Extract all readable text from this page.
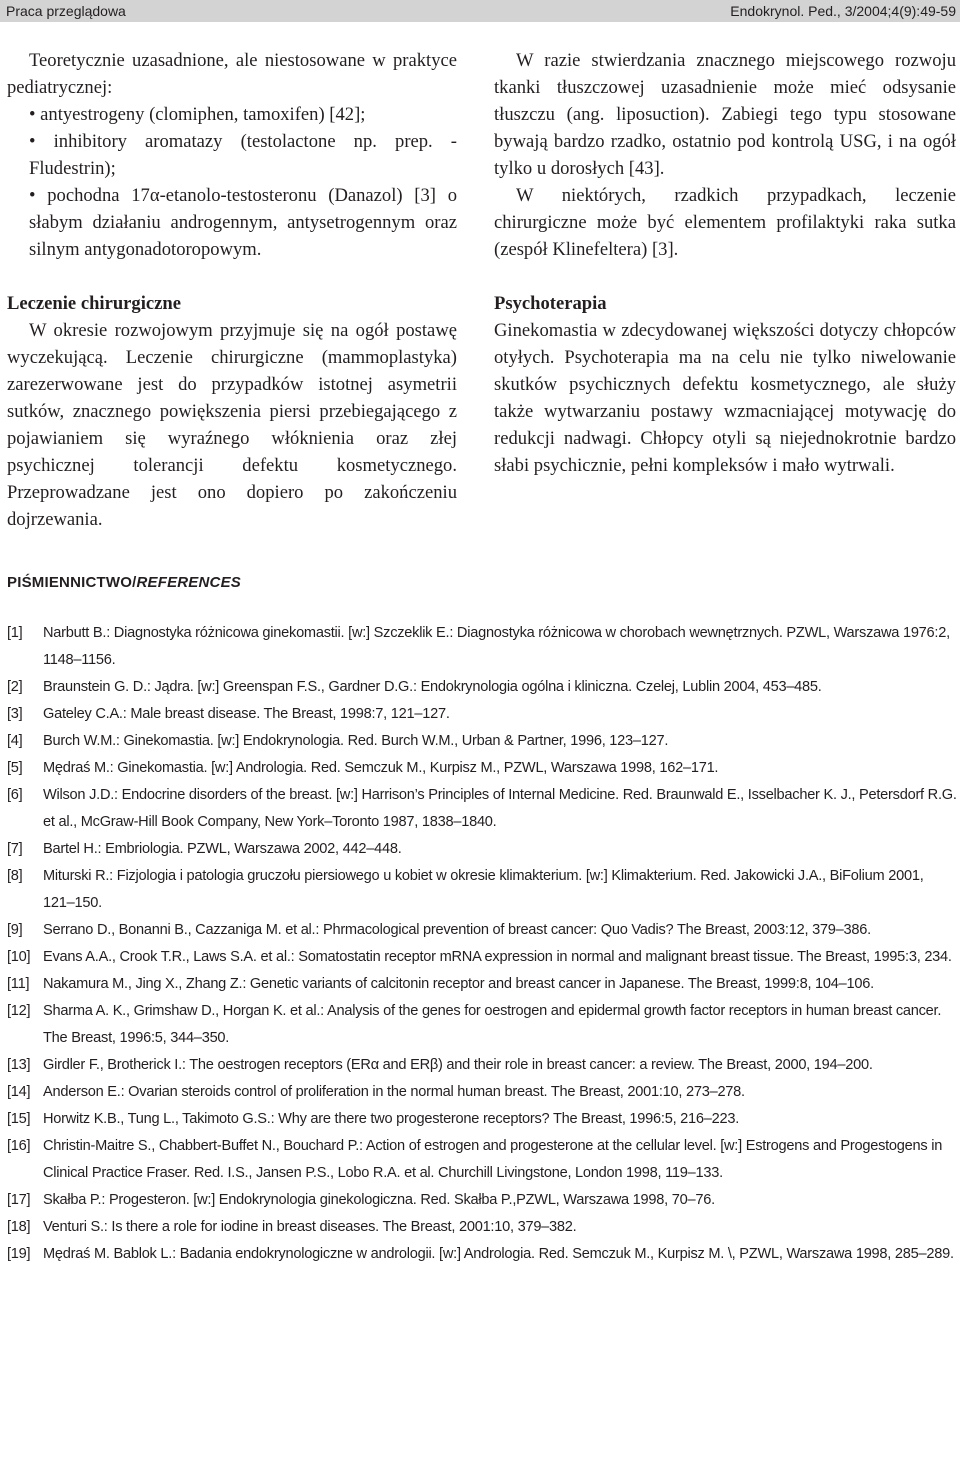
Praca przeglądowa	Endokrynol. Ped., 3/2004;4(9):49-59

Teoretycznie uzasadnione, ale niestosowane w praktyce pediatrycznej:

• antyestrogeny (clomiphen, tamoxifen) [42];

• inhibitory aromatazy (testolactone np. prep. -Fludestrin);

• pochodna 17α-etanolo-testosteronu (Danazol) [3] o słabym działaniu androgennym, antysetrogennym oraz silnym antygonadotoropowym.

Leczenie chirurgiczne

W okresie rozwojowym przyjmuje się na ogół postawę wyczekującą. Leczenie chirurgiczne (mammoplastyka) zarezerwowane jest do przypadków istotnej asymetrii sutków, znacznego powiększenia piersi przebiegającego z pojawianiem się wyraźnego włóknienia oraz złej psychicznej tolerancji defektu kosmetycznego. Przeprowadzane jest ono dopiero po zakończeniu dojrzewania.

W razie stwierdzania znacznego miejscowego rozwoju tkanki tłuszczowej uzasadnienie może mieć odsysanie tłuszczu (ang. liposuction). Zabiegi tego typu stosowane bywają bardzo rzadko, ostatnio pod kontrolą USG, i na ogół tylko u dorosłych [43].

W niektórych, rzadkich przypadkach, leczenie chirurgiczne może być elementem profilaktyki raka sutka (zespół Klinefeltera) [3].

Psychoterapia

Ginekomastia w zdecydowanej większości dotyczy chłopców otyłych. Psychoterapia ma na celu nie tylko niwelowanie skutków psychicznych defektu kosmetycznego, ale służy także wytwarzaniu postawy wzmacniającej motywację do redukcji nadwagi. Chłopcy otyli są niejednokrotnie bardzo słabi psychicznie, pełni kompleksów i mało wytrwali.

PIŚMIENNICTWO/REFERENCES
[1] Narbutt B.: Diagnostyka różnicowa ginekomastii. [w:] Szczeklik E.: Diagnostyka różnicowa w chorobach wewnętrznych. PZWL, Warszawa 1976:2, 1148–1156.
[2] Braunstein G. D.: Jądra. [w:] Greenspan F.S., Gardner D.G.: Endokrynologia ogólna i kliniczna. Czelej, Lublin 2004, 453–485.
[3] Gateley C.A.: Male breast disease. The Breast, 1998:7, 121–127.
[4] Burch W.M.: Ginekomastia. [w:] Endokrynologia. Red. Burch W.M., Urban & Partner, 1996, 123–127.
[5] Mędraś M.: Ginekomastia. [w:] Andrologia. Red. Semczuk M., Kurpisz M., PZWL, Warszawa 1998, 162–171.
[6] Wilson J.D.: Endocrine disorders of the breast. [w:] Harrison’s Principles of Internal Medicine. Red. Braunwald E., Isselbacher K. J., Petersdorf R.G. et al., McGraw-Hill Book Company, New York–Toronto 1987, 1838–1840.
[7] Bartel H.: Embriologia. PZWL, Warszawa 2002, 442–448.
[8] Miturski R.: Fizjologia i patologia gruczołu piersiowego u kobiet w okresie klimakterium. [w:] Klimakterium. Red. Jakowicki J.A., BiFolium 2001, 121–150.
[9] Serrano D., Bonanni B., Cazzaniga M. et al.: Phrmacological prevention of breast cancer: Quo Vadis? The Breast, 2003:12, 379–386.
[10] Evans A.A., Crook T.R., Laws S.A. et al.: Somatostatin receptor mRNA expression in normal and malignant breast tissue. The Breast, 1995:3, 234.
[11] Nakamura M., Jing X., Zhang Z.: Genetic variants of calcitonin receptor and breast cancer in Japanese. The Breast, 1999:8, 104–106.
[12] Sharma A. K., Grimshaw D., Horgan K. et al.: Analysis of the genes for oestrogen and epidermal growth factor receptors in human breast cancer. The Breast, 1996:5, 344–350.
[13] Girdler F., Brotherick I.: The oestrogen receptors (ERα and ERβ) and their role in breast cancer: a review. The Breast, 2000, 194–200.
[14] Anderson E.: Ovarian steroids control of proliferation in the normal human breast. The Breast, 2001:10, 273–278.
[15] Horwitz K.B., Tung L., Takimoto G.S.: Why are there two progesterone receptors? The Breast, 1996:5, 216–223.
[16] Christin-Maitre S., Chabbert-Buffet N., Bouchard P.: Action of estrogen and progesterone at the cellular level. [w:] Estrogens and Progestogens in Clinical Practice Fraser. Red. I.S., Jansen P.S., Lobo R.A. et al. Churchill Livingstone, London 1998, 119–133.
[17] Skałba P.: Progesteron. [w:] Endokrynologia ginekologiczna. Red. Skałba P.,PZWL, Warszawa 1998, 70–76.
[18] Venturi S.: Is there a role for iodine in breast diseases. The Breast, 2001:10, 379–382.
[19] Mędraś M. Bablok L.: Badania endokrynologiczne w andrologii. [w:] Andrologia. Red. Semczuk M., Kurpisz M. \, PZWL, Warszawa 1998, 285–289.
